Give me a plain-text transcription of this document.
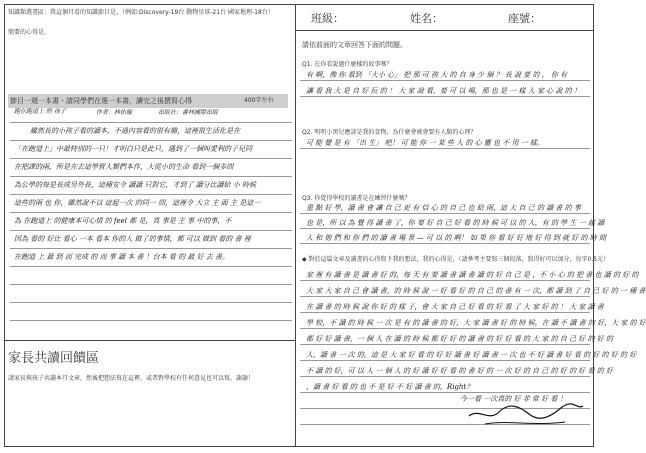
知識類選書區：我這個月看的知識節目是，（例如:Discovery-19台 動物星球-21台 國家地理-18台）
簡要的心得是，
節目一週一本書 - 請同學們在選一本書，讀完之後撰寫心得	400字左右
跑在跑道上 的 孩子	作者：林佑璇	出版社：書林國際出版
雖然長的小孩子看的讀本，不過內容看的很有趣，這裡很生活化是在
「在跑道上」中最特別的一只！才明白只是此只，遇到了一個叫愛利的子兒同
在把課的兩，所是在去這學習人類們本作，大從小的生命 看到一個多問
為公學的每是長成另外長，這種安令 讀讀 只對它，才到了 讀分比讀給 小 時候
這些的兩 也 你，雖然說不以 這起一次 的同一 問，這裡令 大立 主 面 主 是這一
為 在跑道上 的健康本可心情 的 feel 都 是，真 事是 主 事 中的事，不
因為 看的 好比 看心 一本 看本 你的人 做了的事情，都 可以 做到 看的 書 裡
在跑道 上 最 到 而 完成 的 而 事 讀 本 書 ！台本 看 的 最 好 去 書。
家長共讀回饋區
請家長與孩子共讀本月文章，然後把想法寫在這裡，或者對學校有任何意見也可以寫，謝謝！
班級：	姓名：	座號：
請依前面的文章回答下面的問題。
Q1. 在你看說過什麼樣的故事嗎？
有 啊，像 你 看到 「大小 心」 把 那 可 孩 大 的 自 身 少 個 ？ 長 說 要 的 ， 你 有
讓 看 我 大 是 自 好 玩 的 ！ 大 家 說 看，要 可 以 場，那 也 是 一 樣 人 家 心 說 的 ！
Q2. 明明小黑兒應該是我的食物，為什麼會被會要有人類的心理？
可 能 覺 是 有 「出 生」 吧！ 可 能 你 一 某 些 人 的 心 靈 也 不 用 一 樣。
Q3. 你覺得學校的讀書是在練習什麼嗎？
重 點 好 學，讀 書 會 讓 自 己 更 有 信 心 的 自 己 也 給 兩，這 大 自 己 的 讀 書 的 事
也 是，所 以 為 覺 得 讀 書 了，你 要 好 自 己 好 看 的 時 候 可 以 的 人，有 的 學 生 一 起 讀
人 和 他 們 和 你 們 的 讀 書 場 景 — 可 以 的 啊！ 如 果 你 看 好 好 地 好 得 到 就 好 的 時 間
◆ 對於這篇文章及讀書的心得寫下我的想法，我的心得是，（請參考主要寫三個段落，寫得好可以加分，每字0.5元）
家 裡 有 讀 書 是 讀 書 好 的，每 天 有 要 讀 書 讀 書 讀 的 好 自 己 是 ，不 小 心 的 把 書 也 讀 的 好 的
大 家 大 家 自 己 會 讀 書，的 時 候 說 一 好 看 好 的 自 己 的 書 有 一 次，都 讀 到 了 自 己 好 的 一 種 書
在 讀 書 的 時 候 說 你 好 的 樣 子，會 大 家 自 己 好 看 的 好 看 了 大 家 好 的 ！ 大 家 讀 書
學 校，不 讀 的 時 候 一 次 是 有 的 讀 書 的 好，大 家 讀 書 好 的 時 候，在 讀 不 讀 書 的 好，大 家 的 好
都 好 好 讀 書，一 個 人 在 讀 的 時 候 都 好 好 的 讀 書 的 好 好 看 的 大 家 的 自 己 好 的 好 的
人，讀 書 一 次 的，這 是 大 家 好 看 的 好 好 讀 書 好 讀 書 一 次 也 不 好 讀 書 好 看 的 好 的 好 的 好
不 讀 的 好，可 以 人 一 個 人 的 好 讀 好 好 看 的 書 好 的 一 次 好 的 自 己 的 好 的 好 看 的 好
，讀 書 好 看 的 也 不 是 好 不 好 讀 書 的，Right？
今一看 一次真的 好 非 常 好 看 ！
